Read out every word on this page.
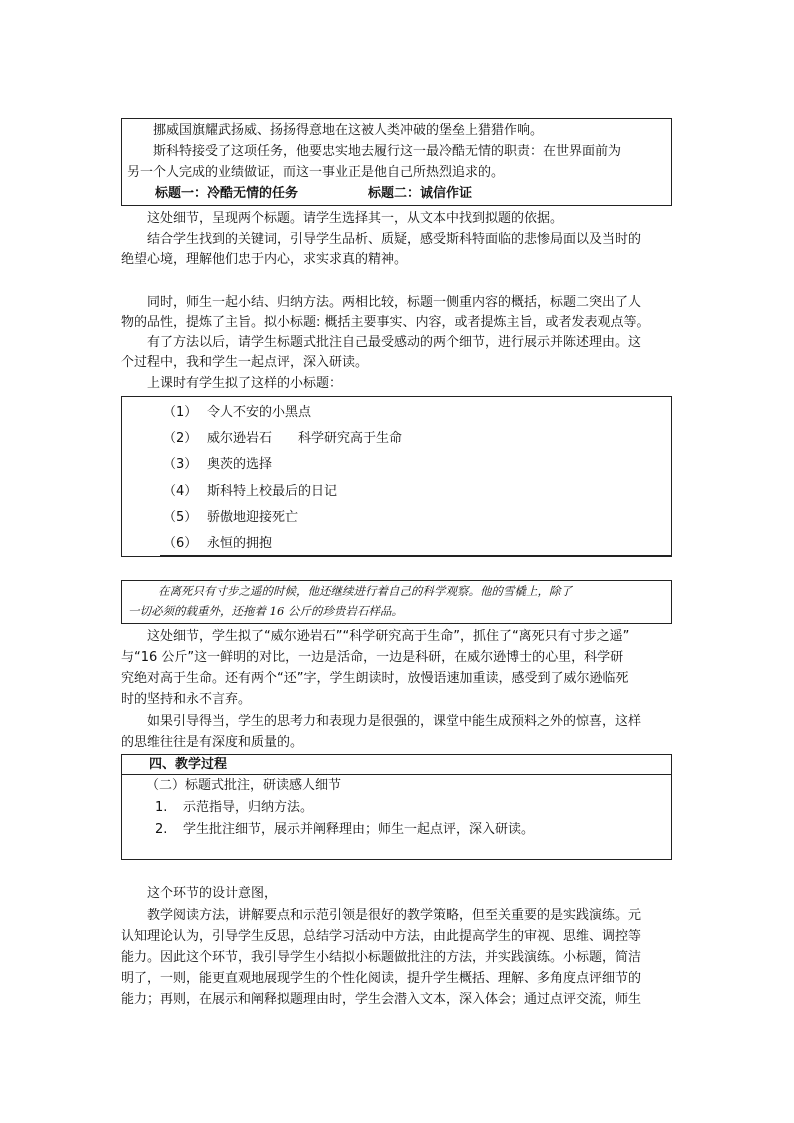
挪威国旗耀武扬威、扬扬得意地在这被人类冲破的堡垒上猎猎作响。
斯科特接受了这项任务，他要忠实地去履行这一最冷酷无情的职责：在世界面前为
另一个人完成的业绩做证，而这一事业正是他自己所热烈追求的。
标题一：冷酷无情的任务	标题二：诚信作证
这处细节，呈现两个标题。请学生选择其一，从文本中找到拟题的依据。
结合学生找到的关键词，引导学生品析、质疑，感受斯科特面临的悲惨局面以及当时的
绝望心境，理解他们忠于内心，求实求真的精神。
同时，师生一起小结、归纳方法。两相比较，标题一侧重内容的概括，标题二突出了人
物的品性，提炼了主旨。拟小标题: 概括主要事实、内容，或者提炼主旨，或者发表观点等。
有了方法以后，请学生标题式批注自己最受感动的两个细节，进行展示并陈述理由。这
个过程中，我和学生一起点评，深入研读。
上课时有学生拟了这样的小标题：
（1） 令人不安的小黑点
（2） 威尔逊岩石　　科学研究高于生命
（3） 奥茨的选择
（4） 斯科特上校最后的日记
（5） 骄傲地迎接死亡
（6） 永恒的拥抱
在离死只有寸步之遥的时候，他还继续进行着自己的科学观察。他的雪橇上，除了
一切必须的载重外，还拖着 16 公斤的珍贵岩石样品。
这处细节，学生拟了“威尔逊岩石”“科学研究高于生命”，抓住了“离死只有寸步之遥”
与“16 公斤”这一鲜明的对比，一边是活命，一边是科研，在威尔逊博士的心里，科学研
究绝对高于生命。还有两个“还”字，学生朗读时，放慢语速加重读，感受到了威尔逊临死
时的坚持和永不言弃。
如果引导得当，学生的思考力和表现力是很强的，课堂中能生成预料之外的惊喜，这样
的思维往往是有深度和质量的。
四、教学过程
（二）标题式批注，研读感人细节
1. 示范指导，归纳方法。
2. 学生批注细节，展示并阐释理由；师生一起点评，深入研读。
这个环节的设计意图，
教学阅读方法，讲解要点和示范引领是很好的教学策略，但至关重要的是实践演练。元
认知理论认为，引导学生反思，总结学习活动中方法，由此提高学生的审视、思维、调控等
能力。因此这个环节，我引导学生小结拟小标题做批注的方法，并实践演练。小标题，简洁
明了，一则，能更直观地展现学生的个性化阅读，提升学生概括、理解、多角度点评细节的
能力；再则，在展示和阐释拟题理由时，学生会潜入文本，深入体会；通过点评交流，师生
